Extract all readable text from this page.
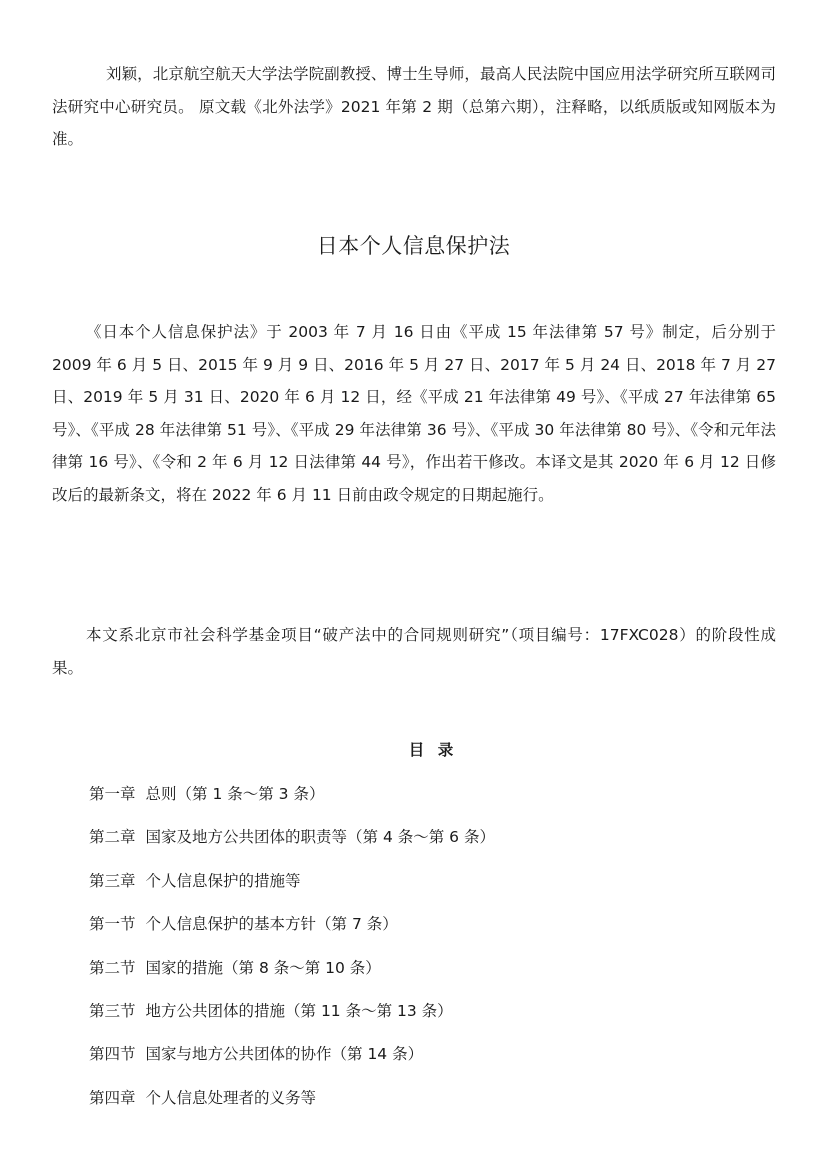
刘颖，北京航空航天大学法学院副教授、博士生导师，最高人民法院中国应用法学研究所互联网司法研究中心研究员。 原文载《北外法学》2021 年第 2 期（总第六期），注释略，以纸质版或知网版本为准。

日本个人信息保护法

《日本个人信息保护法》于 2003 年 7 月 16 日由《平成 15 年法律第 57 号》制定，后分别于 2009 年 6 月 5 日、2015 年 9 月 9 日、2016 年 5 月 27 日、2017 年 5 月 24 日、2018 年 7 月 27 日、2019 年 5 月 31 日、2020 年 6 月 12 日，经《平成 21 年法律第 49 号》、《平成 27 年法律第 65 号》、《平成 28 年法律第 51 号》、《平成 29 年法律第 36 号》、《平成 30 年法律第 80 号》、《令和元年法律第 16 号》、《令和 2 年 6 月 12 日法律第 44 号》，作出若干修改。本译文是其 2020 年 6 月 12 日修改后的最新条文，将在 2022 年 6 月 11 日前由政令规定的日期起施行。

本文系北京市社会科学基金项目“破产法中的合同规则研究”（项目编号：17FXC028）的阶段性成果。

目 录
第一章 总则（第 1 条～第 3 条）
第二章 国家及地方公共团体的职责等（第 4 条～第 6 条）
第三章 个人信息保护的措施等
第一节 个人信息保护的基本方针（第 7 条）
第二节 国家的措施（第 8 条～第 10 条）
第三节 地方公共团体的措施（第 11 条～第 13 条）
第四节 国家与地方公共团体的协作（第 14 条）
第四章 个人信息处理者的义务等
